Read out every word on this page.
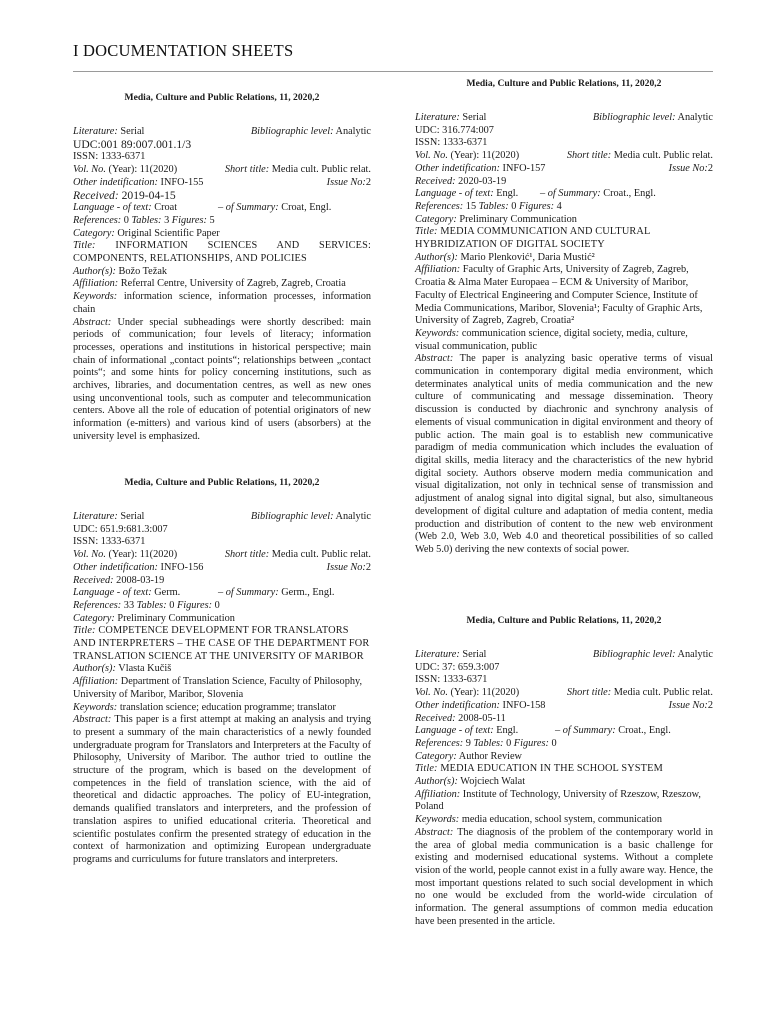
I DOCUMENTATION SHEETS
Media, Culture and Public Relations, 11, 2020,2
Literature: Serial	Bibliographic level: Analytic
UDC:001 89:007.001.1/3
ISSN: 1333-6371
Vol. No. (Year): 11(2020)	Short title: Media cult. Public relat.
Other indetification: INFO-155	Issue No:2
Received: 2019-04-15
Language - of text: Croat	– of Summary: Croat, Engl.
References: 0 Tables: 3 Figures: 5
Category: Original Scientific Paper
Title: INFORMATION SCIENCES AND SERVICES: COMPONENTS, RELATIONSHIPS, AND POLICIES
Author(s): Božo Težak
Affiliation: Referral Centre, University of Zagreb, Zagreb, Croatia
Keywords: information science, information processes, information chain
Abstract: Under special subheadings were shortly described: main periods of communication; four levels of literacy; information processes, operations and institutions in historical perspective; main chain of informational „contact points“; relationships between „contact points“; and some hints for policy concerning institutions, such as archives, libraries, and documentation centres, as well as new ones using unconventional tools, such as computer and telecommunication centers. Above all the role of education of potential originators of new information (e-mitters) and various kind of users (absorbers) at the university level is emphasized.
Media, Culture and Public Relations, 11, 2020,2
Literature: Serial	Bibliographic level: Analytic
UDC: 651.9:681.3:007
ISSN: 1333-6371
Vol. No. (Year): 11(2020)	Short title: Media cult. Public relat.
Other indetification: INFO-156	Issue No:2
Received: 2008-03-19
Language - of text: Germ.	– of Summary: Germ., Engl.
References: 33 Tables: 0 Figures: 0
Category: Preliminary Communication
Title: COMPETENCE DEVELOPMENT FOR TRANSLATORS AND INTERPRETERS – THE CASE OF THE DEPARTMENT FOR TRANSLATION SCIENCE AT THE UNIVERSITY OF MARIBOR
Author(s): Vlasta Kučiš
Affiliation: Department of Translation Science, Faculty of Philosophy, University of Maribor, Maribor, Slovenia
Keywords: translation science; education programme; translator
Abstract: This paper is a first attempt at making an analysis and trying to present a summary of the main characteristics of a newly founded undergraduate program for Translators and Interpreters at the Faculty of Philosophy, University of Maribor. The author tried to outline the structure of the program, which is based on the development of competences in the field of translation science, with the aid of theoretical and didactic approaches. The policy of EU-integration, demands qualified translators and interpreters, and the profession of translation aspires to unified educational criteria. Theoretical and scientific postulates confirm the presented strategy of education in the context of harmonization and optimizing European undergraduate programs and curriculums for future translators and interpreters.
Media, Culture and Public Relations, 11, 2020,2
Literature: Serial	Bibliographic level: Analytic
UDC: 316.774:007
ISSN: 1333-6371
Vol. No. (Year): 11(2020)	Short title: Media cult. Public relat.
Other indetification: INFO-157	Issue No:2
Received: 2020-03-19
Language - of text: Engl. – of Summary: Croat., Engl.
References: 15 Tables: 0 Figures: 4
Category: Preliminary Communication
Title: MEDIA COMMUNICATION AND CULTURAL HYBRIDIZATION OF DIGITAL SOCIETY
Author(s): Mario Plenković¹, Daria Mustić²
Affiliation: Faculty of Graphic Arts, University of Zagreb, Zagreb, Croatia & Alma Mater Europaea – ECM & University of Maribor, Faculty of Electrical Engineering and Computer Science, Institute of Media Communications, Maribor, Slovenia¹; Faculty of Graphic Arts, University of Zagreb, Zagreb, Croatia²
Keywords: communication science, digital society, media, culture, visual communication, public
Abstract: The paper is analyzing basic operative terms of visual communication in contemporary digital media environment, which determinates analytical units of media communication and the new culture of communicating and message dissemination. Theory discussion is conducted by diachronic and synchrony analysis of elements of visual communication in digital environment and theory of public action. The main goal is to establish new communicative paradigm of media communication which includes the evaluation of digital skills, media literacy and the characteristics of the new hybrid digital society. Authors observe modern media communication and visual digitalization, not only in technical sense of transmission and adjustment of analog signal into digital signal, but also, simultaneous development of digital culture and adaptation of media content, media production and distribution of content to the new web environment (Web 2.0, Web 3.0, Web 4.0 and theoretical possibilities of so called Web 5.0) deriving the new contexts of social power.
Media, Culture and Public Relations, 11, 2020,2
Literature: Serial	Bibliographic level: Analytic
UDC: 37: 659.3:007
ISSN: 1333-6371
Vol. No. (Year): 11(2020)	Short title: Media cult. Public relat.
Other indetification: INFO-158	Issue No:2
Received: 2008-05-11
Language - of text: Engl.	– of Summary: Croat., Engl.
References: 9 Tables: 0 Figures: 0
Category: Author Review
Title: MEDIA EDUCATION IN THE SCHOOL SYSTEM
Author(s): Wojciech Walat
Affiliation: Institute of Technology, University of Rzeszow, Rzeszow, Poland
Keywords: media education, school system, communication
Abstract: The diagnosis of the problem of the contemporary world in the area of global media communication is a basic challenge for existing and modernised educational systems. Without a complete vision of the world, people cannot exist in a fully aware way. Hence, the most important questions related to such social development in which no one would be excluded from the world-wide circulation of information. The general assumptions of common media education have been presented in the article.
